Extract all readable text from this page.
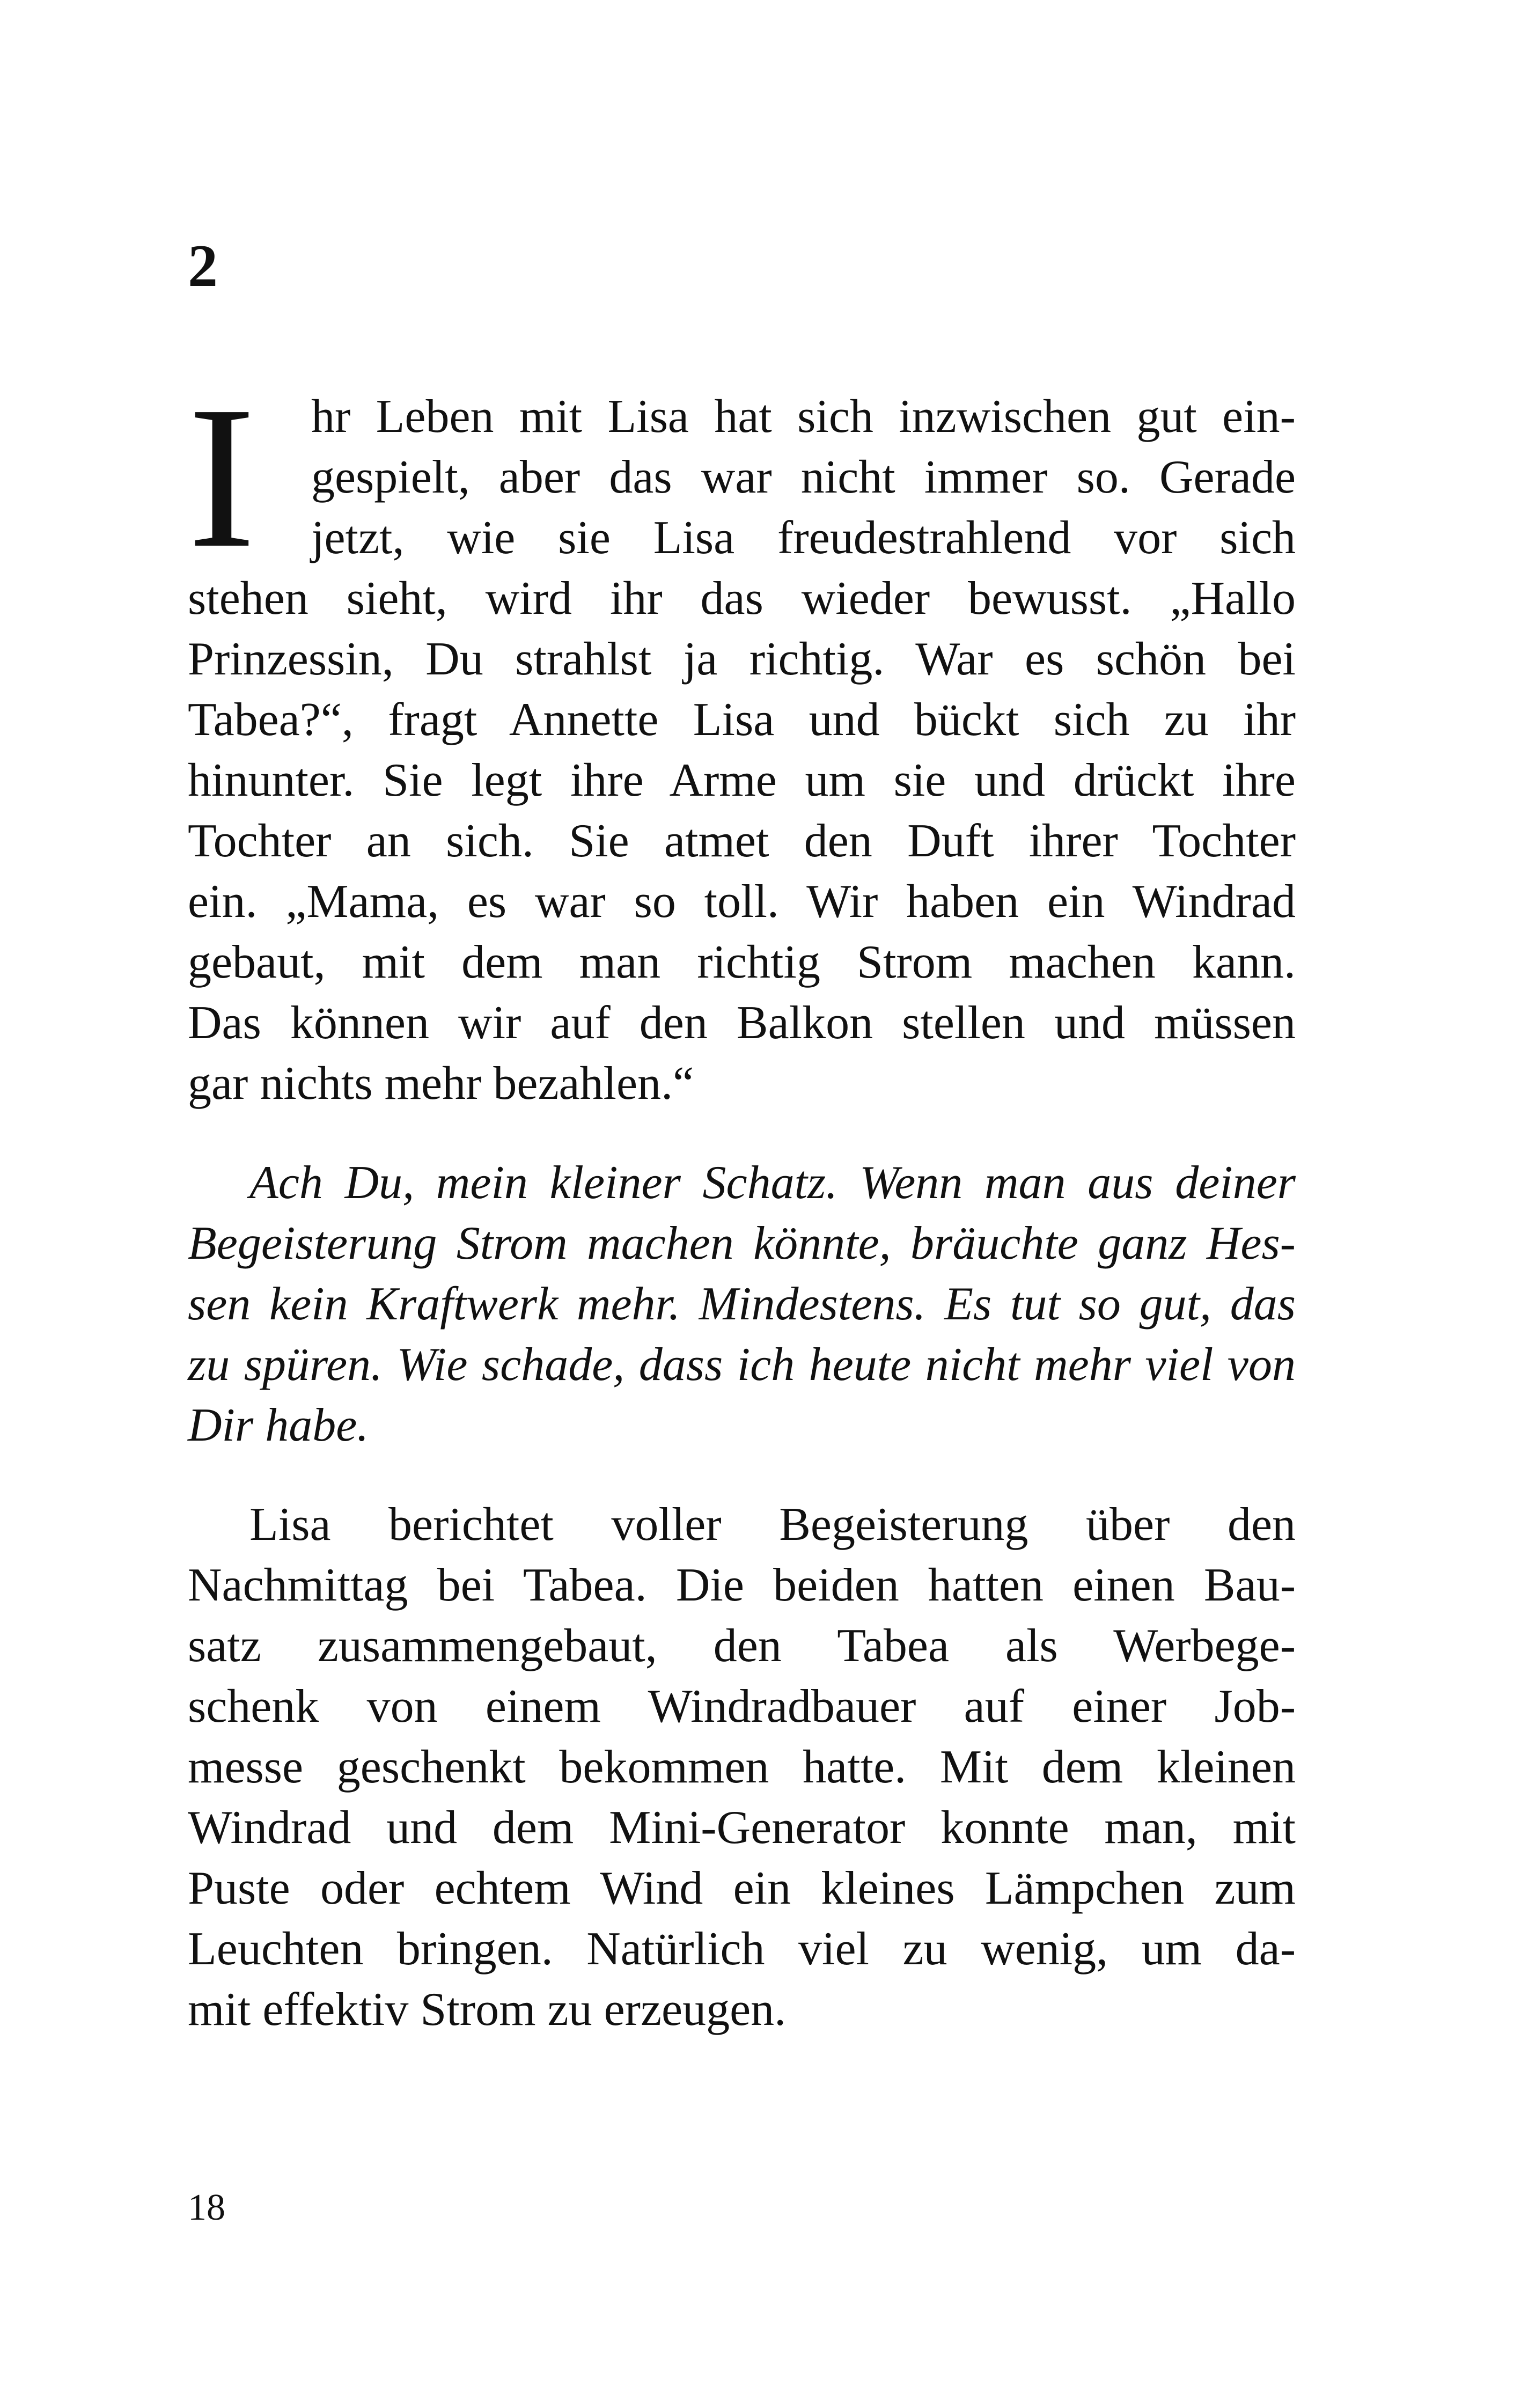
2
I	hr Leben mit Lisa hat sich inzwischen gut ein-
gespielt, aber das war nicht immer so. Gerade
jetzt, wie sie Lisa freudestrahlend vor sich
stehen sieht, wird ihr das wieder bewusst. „Hallo
Prinzessin, Du strahlst ja richtig. War es schön bei
Tabea?“, fragt Annette Lisa und bückt sich zu ihr
hinunter. Sie legt ihre Arme um sie und drückt ihre
Tochter an sich. Sie atmet den Duft ihrer Tochter
ein. „Mama, es war so toll. Wir haben ein Windrad
gebaut, mit dem man richtig Strom machen kann.
Das können wir auf den Balkon stellen und müssen
gar nichts mehr bezahlen.“
Ach Du, mein kleiner Schatz. Wenn man aus deiner
Begeisterung Strom machen könnte, bräuchte ganz Hes-
sen kein Kraftwerk mehr. Mindestens. Es tut so gut, das
zu spüren. Wie schade, dass ich heute nicht mehr viel von
Dir habe.
Lisa berichtet voller Begeisterung über den
Nachmittag bei Tabea. Die beiden hatten einen Bau-
satz zusammengebaut, den Tabea als Werbege-
schenk von einem Windradbauer auf einer Job-
messe geschenkt bekommen hatte. Mit dem kleinen
Windrad und dem Mini-Generator konnte man, mit
Puste oder echtem Wind ein kleines Lämpchen zum
Leuchten bringen. Natürlich viel zu wenig, um da-
mit effektiv Strom zu erzeugen.
18
